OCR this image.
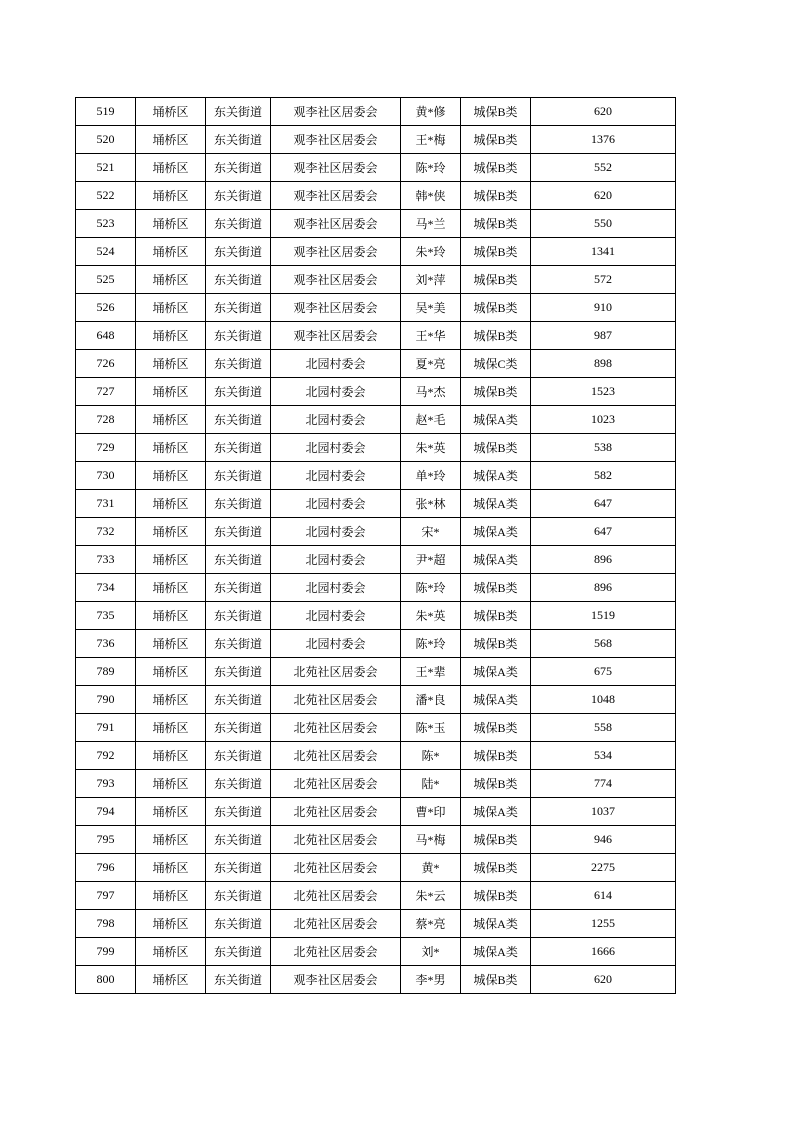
519	埇桥区	东关街道	观李社区居委会	黄*修	城保B类	620
520	埇桥区	东关街道	观李社区居委会	王*梅	城保B类	1376
521	埇桥区	东关街道	观李社区居委会	陈*玲	城保B类	552
522	埇桥区	东关街道	观李社区居委会	韩*侠	城保B类	620
523	埇桥区	东关街道	观李社区居委会	马*兰	城保B类	550
524	埇桥区	东关街道	观李社区居委会	朱*玲	城保B类	1341
525	埇桥区	东关街道	观李社区居委会	刘*萍	城保B类	572
526	埇桥区	东关街道	观李社区居委会	吴*美	城保B类	910
648	埇桥区	东关街道	观李社区居委会	王*华	城保B类	987
726	埇桥区	东关街道	北园村委会	夏*亮	城保C类	898
727	埇桥区	东关街道	北园村委会	马*杰	城保B类	1523
728	埇桥区	东关街道	北园村委会	赵*毛	城保A类	1023
729	埇桥区	东关街道	北园村委会	朱*英	城保B类	538
730	埇桥区	东关街道	北园村委会	单*玲	城保A类	582
731	埇桥区	东关街道	北园村委会	张*林	城保A类	647
732	埇桥区	东关街道	北园村委会	宋*	城保A类	647
733	埇桥区	东关街道	北园村委会	尹*超	城保A类	896
734	埇桥区	东关街道	北园村委会	陈*玲	城保B类	896
735	埇桥区	东关街道	北园村委会	朱*英	城保B类	1519
736	埇桥区	东关街道	北园村委会	陈*玲	城保B类	568
789	埇桥区	东关街道	北苑社区居委会	王*辈	城保A类	675
790	埇桥区	东关街道	北苑社区居委会	潘*良	城保A类	1048
791	埇桥区	东关街道	北苑社区居委会	陈*玉	城保B类	558
792	埇桥区	东关街道	北苑社区居委会	陈*	城保B类	534
793	埇桥区	东关街道	北苑社区居委会	陆*	城保B类	774
794	埇桥区	东关街道	北苑社区居委会	曹*印	城保A类	1037
795	埇桥区	东关街道	北苑社区居委会	马*梅	城保B类	946
796	埇桥区	东关街道	北苑社区居委会	黄*	城保B类	2275
797	埇桥区	东关街道	北苑社区居委会	朱*云	城保B类	614
798	埇桥区	东关街道	北苑社区居委会	蔡*亮	城保A类	1255
799	埇桥区	东关街道	北苑社区居委会	刘*	城保A类	1666
800	埇桥区	东关街道	观李社区居委会	李*男	城保B类	620
